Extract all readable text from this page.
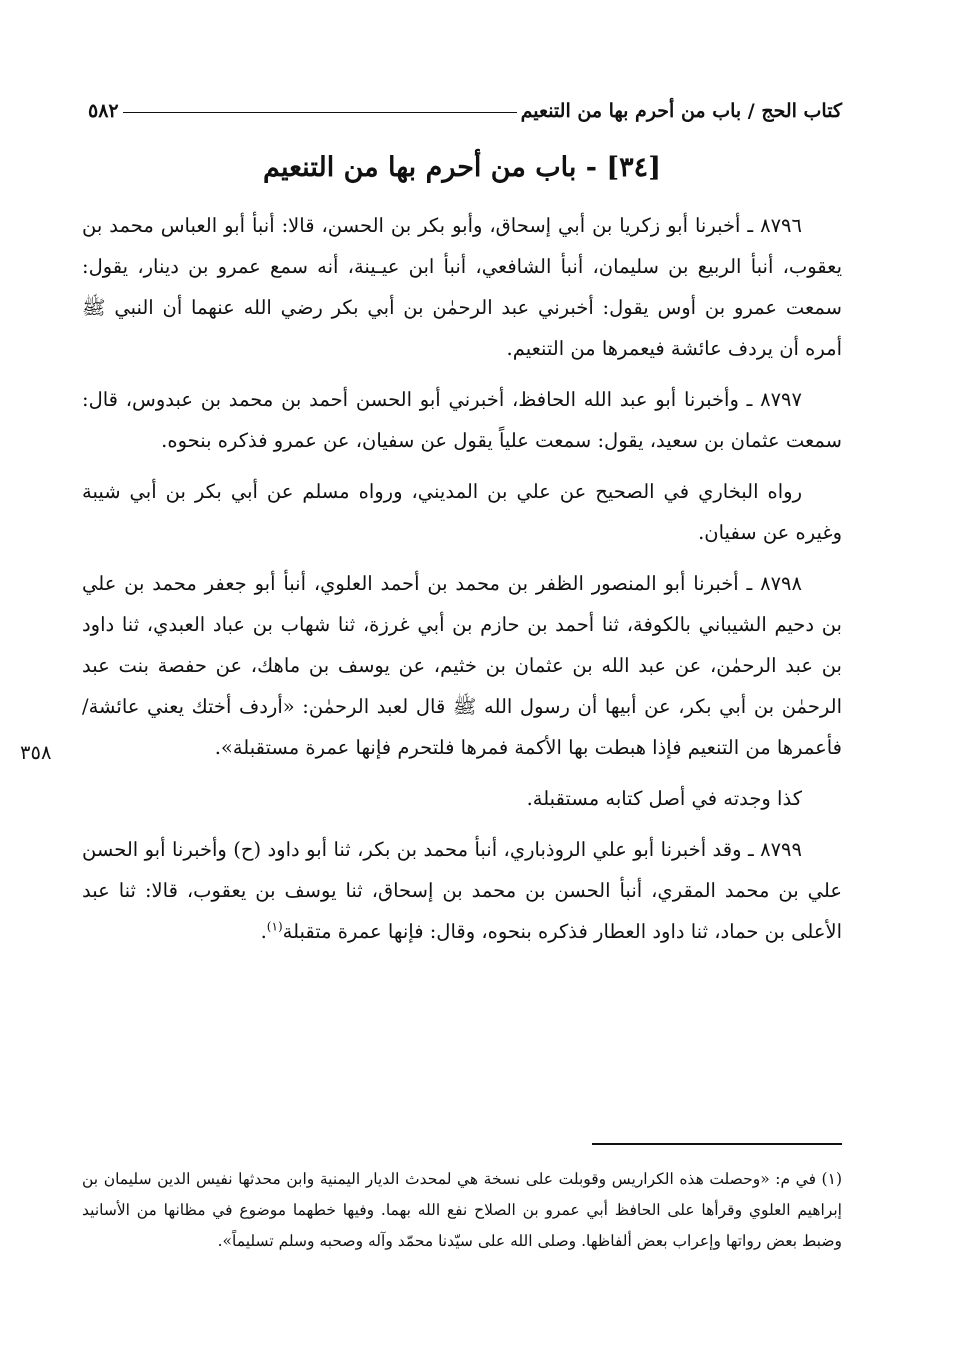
كتاب الحج / باب من أحرم بها من التنعيم
٥٨٢
[٣٤] - باب من أحرم بها من التنعيم

٨٧٩٦ ـ أخبرنا أبو زكريا بن أبي إسحاق، وأبو بكر بن الحسن، قالا: أنبأ أبو العباس محمد بن يعقوب، أنبأ الربيع بن سليمان، أنبأ الشافعي، أنبأ ابن عيـينة، أنه سمع عمرو بن دينار، يقول: سمعت عمرو بن أوس يقول: أخبرني عبد الرحمٰن بن أبي بكر رضي الله عنهما أن النبي ﷺ أمره أن يردف عائشة فيعمرها من التنعيم.

٨٧٩٧ ـ وأخبرنا أبو عبد الله الحافظ، أخبرني أبو الحسن أحمد بن محمد بن عبدوس، قال: سمعت عثمان بن سعيد، يقول: سمعت علياً يقول عن سفيان، عن عمرو فذكره بنحوه.

رواه البخاري في الصحيح عن علي بن المديني، ورواه مسلم عن أبي بكر بن أبي شيبة وغيره عن سفيان.

٨٧٩٨ ـ أخبرنا أبو المنصور الظفر بن محمد بن أحمد العلوي، أنبأ أبو جعفر محمد بن علي بن دحيم الشيباني بالكوفة، ثنا أحمد بن حازم بن أبي غرزة، ثنا شهاب بن عباد العبدي، ثنا داود بن عبد الرحمٰن، عن عبد الله بن عثمان بن خثيم، عن يوسف بن ماهك، عن حفصة بنت عبد الرحمٰن بن أبي بكر، عن أبيها أن رسول الله ﷺ قال لعبد الرحمٰن: «أردف أختك يعني عائشة/ فأعمرها من التنعيم فإذا هبطت بها الأكمة فمرها فلتحرم فإنها عمرة مستقبلة».

كذا وجدته في أصل كتابه مستقبلة.

٨٧٩٩ ـ وقد أخبرنا أبو علي الروذباري، أنبأ محمد بن بكر، ثنا أبو داود (ح) وأخبرنا أبو الحسن علي بن محمد المقري، أنبأ الحسن بن محمد بن إسحاق، ثنا يوسف بن يعقوب، قالا: ثنا عبد الأعلى بن حماد، ثنا داود العطار فذكره بنحوه، وقال: فإنها عمرة متقبلة$^{(١)}$.

٣٥٨

(١) في م: «وحصلت هذه الكراريس وقوبلت على نسخة هي لمحدث الديار اليمنية وابن محدثها نفيس الدين سليمان بن إبراهيم العلوي وقرأها على الحافظ أبي عمرو بن الصلاح نفع الله بهما. وفيها خطهما موضوع في مظانها من الأسانيد وضبط بعض رواتها وإعراب بعض ألفاظها. وصلى الله على سيّدنا محمّد وآله وصحبه وسلم تسليماً».
